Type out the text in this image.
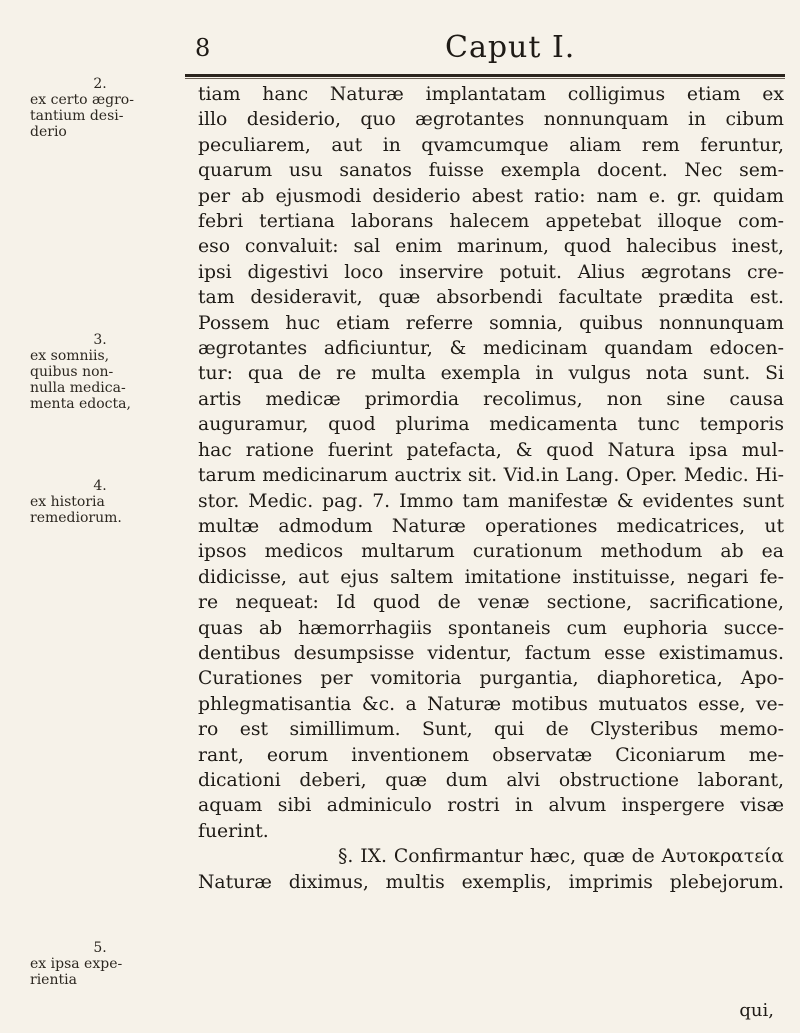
8	Caput I.
2.
ex certo ægro-
tantium desi-
derio
3.
ex somniis,
quibus non-
nulla medica-
menta edocta,
4.
ex historia
remediorum.
5.
ex ipsa expe-
rientia
tiam hanc Naturæ implantatam colligimus etiam ex
illo desiderio, quo ægrotantes nonnunquam in cibum
peculiarem, aut in qvamcumque aliam rem feruntur,
quarum usu sanatos fuisse exempla docent. Nec sem-
per ab ejusmodi desiderio abest ratio: nam e. gr. quidam
febri tertiana laborans halecem appetebat illoque com-
eso convaluit: sal enim marinum, quod halecibus inest,
ipsi digestivi loco inservire potuit. Alius ægrotans cre-
tam desideravit, quæ absorbendi facultate prædita est.
Possem huc etiam referre somnia, quibus nonnunquam
ægrotantes adficiuntur, & medicinam quandam edocen-
tur: qua de re multa exempla in vulgus nota sunt. Si
artis medicæ primordia recolimus, non sine causa
auguramur, quod plurima medicamenta tunc temporis
hac ratione fuerint patefacta, & quod Natura ipsa mul-
tarum medicinarum auctrix sit. Vid.in Lang. Oper. Medic. Hi-
stor. Medic. pag. 7. Immo tam manifestæ & evidentes sunt
multæ admodum Naturæ operationes medicatrices, ut
ipsos medicos multarum curationum methodum ab ea
didicisse, aut ejus saltem imitatione instituisse, negari fe-
re nequeat: Id quod de venæ sectione, sacrificatione,
quas ab hæmorrhagiis spontaneis cum euphoria succe-
dentibus desumpsisse videntur, factum esse existimamus.
Curationes per vomitoria purgantia, diaphoretica, Apo-
phlegmatisantia &c. a Naturæ motibus mutuatos esse, ve-
ro est simillimum. Sunt, qui de Clysteribus memo-
rant, eorum inventionem observatæ Ciconiarum me-
dicationi deberi, quæ dum alvi obstructione laborant,
aquam sibi adminiculo rostri in alvum inspergere visæ
fuerint.
§. IX. Confirmantur hæc, quæ de Αυτοκρατεία
Naturæ diximus, multis exemplis, imprimis plebejorum.
qui,
